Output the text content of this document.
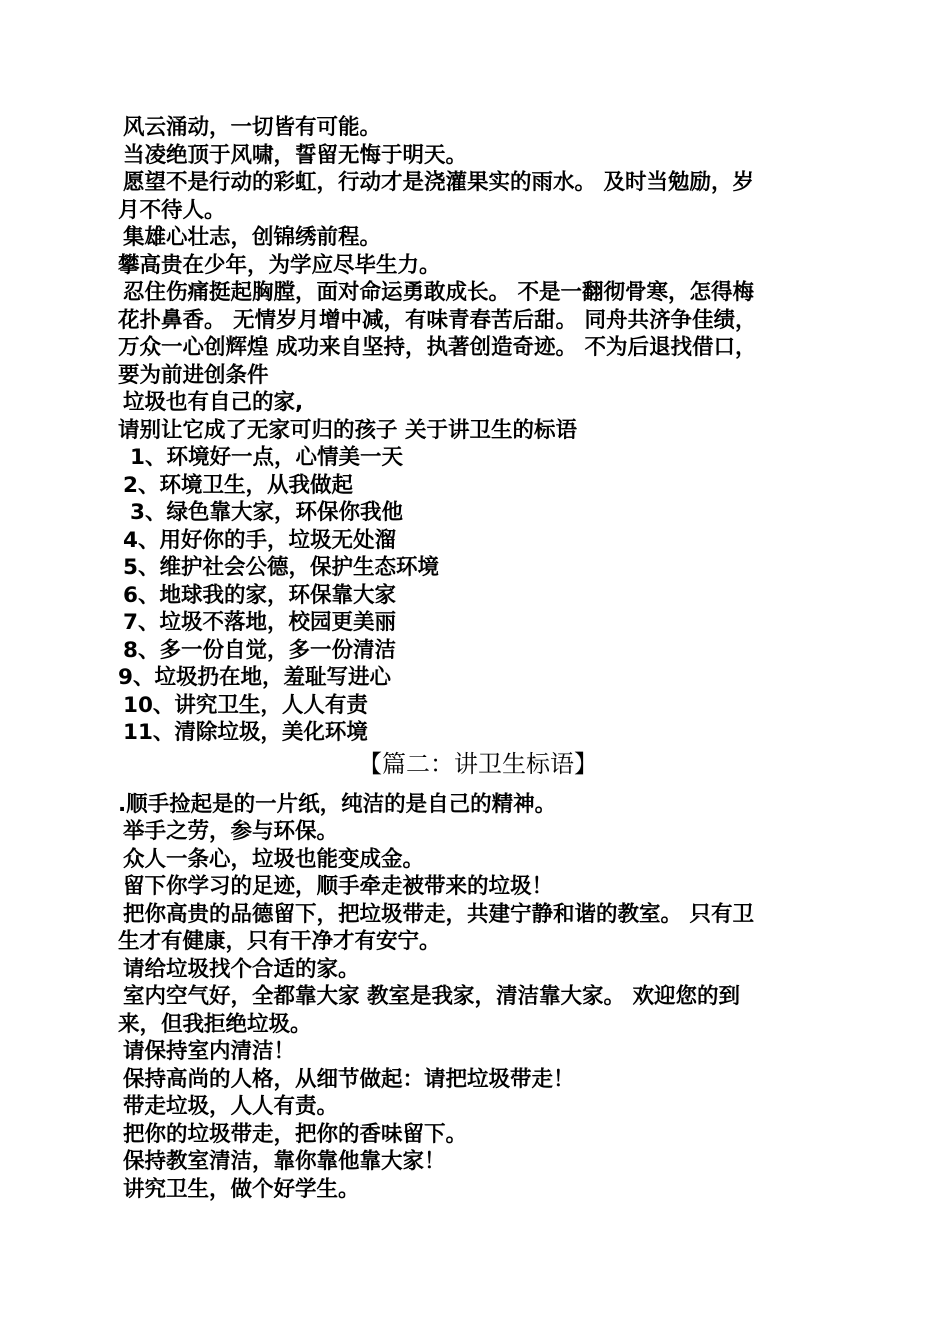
风云涌动，一切皆有可能。
当凌绝顶于风啸，誓留无悔于明天。
愿望不是行动的彩虹，行动才是浇灌果实的雨水。 及时当勉励，岁
月不待人。
集雄心壮志，创锦绣前程。
攀高贵在少年，为学应尽毕生力。
忍住伤痛挺起胸膛，面对命运勇敢成长。 不是一翻彻骨寒，怎得梅
花扑鼻香。 无情岁月增中减，有味青春苦后甜。 同舟共济争佳绩，
万众一心创辉煌 成功来自坚持，执著创造奇迹。 不为后退找借口，
要为前进创条件
垃圾也有自己的家,
请别让它成了无家可归的孩子 关于讲卫生的标语
1、环境好一点，心情美一天
2、环境卫生，从我做起
3、绿色靠大家，环保你我他
4、用好你的手，垃圾无处溜
5、维护社会公德，保护生态环境
6、地球我的家，环保靠大家
7、垃圾不落地，校园更美丽
8、多一份自觉，多一份清洁
9、垃圾扔在地，羞耻写进心
10、讲究卫生，人人有责
11、清除垃圾，美化环境
【篇二：讲卫生标语】
.顺手捡起是的一片纸，纯洁的是自己的精神。
举手之劳，参与环保。
众人一条心，垃圾也能变成金。
留下你学习的足迹，顺手牵走被带来的垃圾！
把你高贵的品德留下，把垃圾带走，共建宁静和谐的教室。 只有卫
生才有健康，只有干净才有安宁。
请给垃圾找个合适的家。
室内空气好，全都靠大家 教室是我家，清洁靠大家。 欢迎您的到
来，但我拒绝垃圾。
请保持室内清洁！
保持高尚的人格，从细节做起：请把垃圾带走！
带走垃圾，人人有责。
把你的垃圾带走，把你的香味留下。
保持教室清洁，靠你靠他靠大家！
讲究卫生，做个好学生。
